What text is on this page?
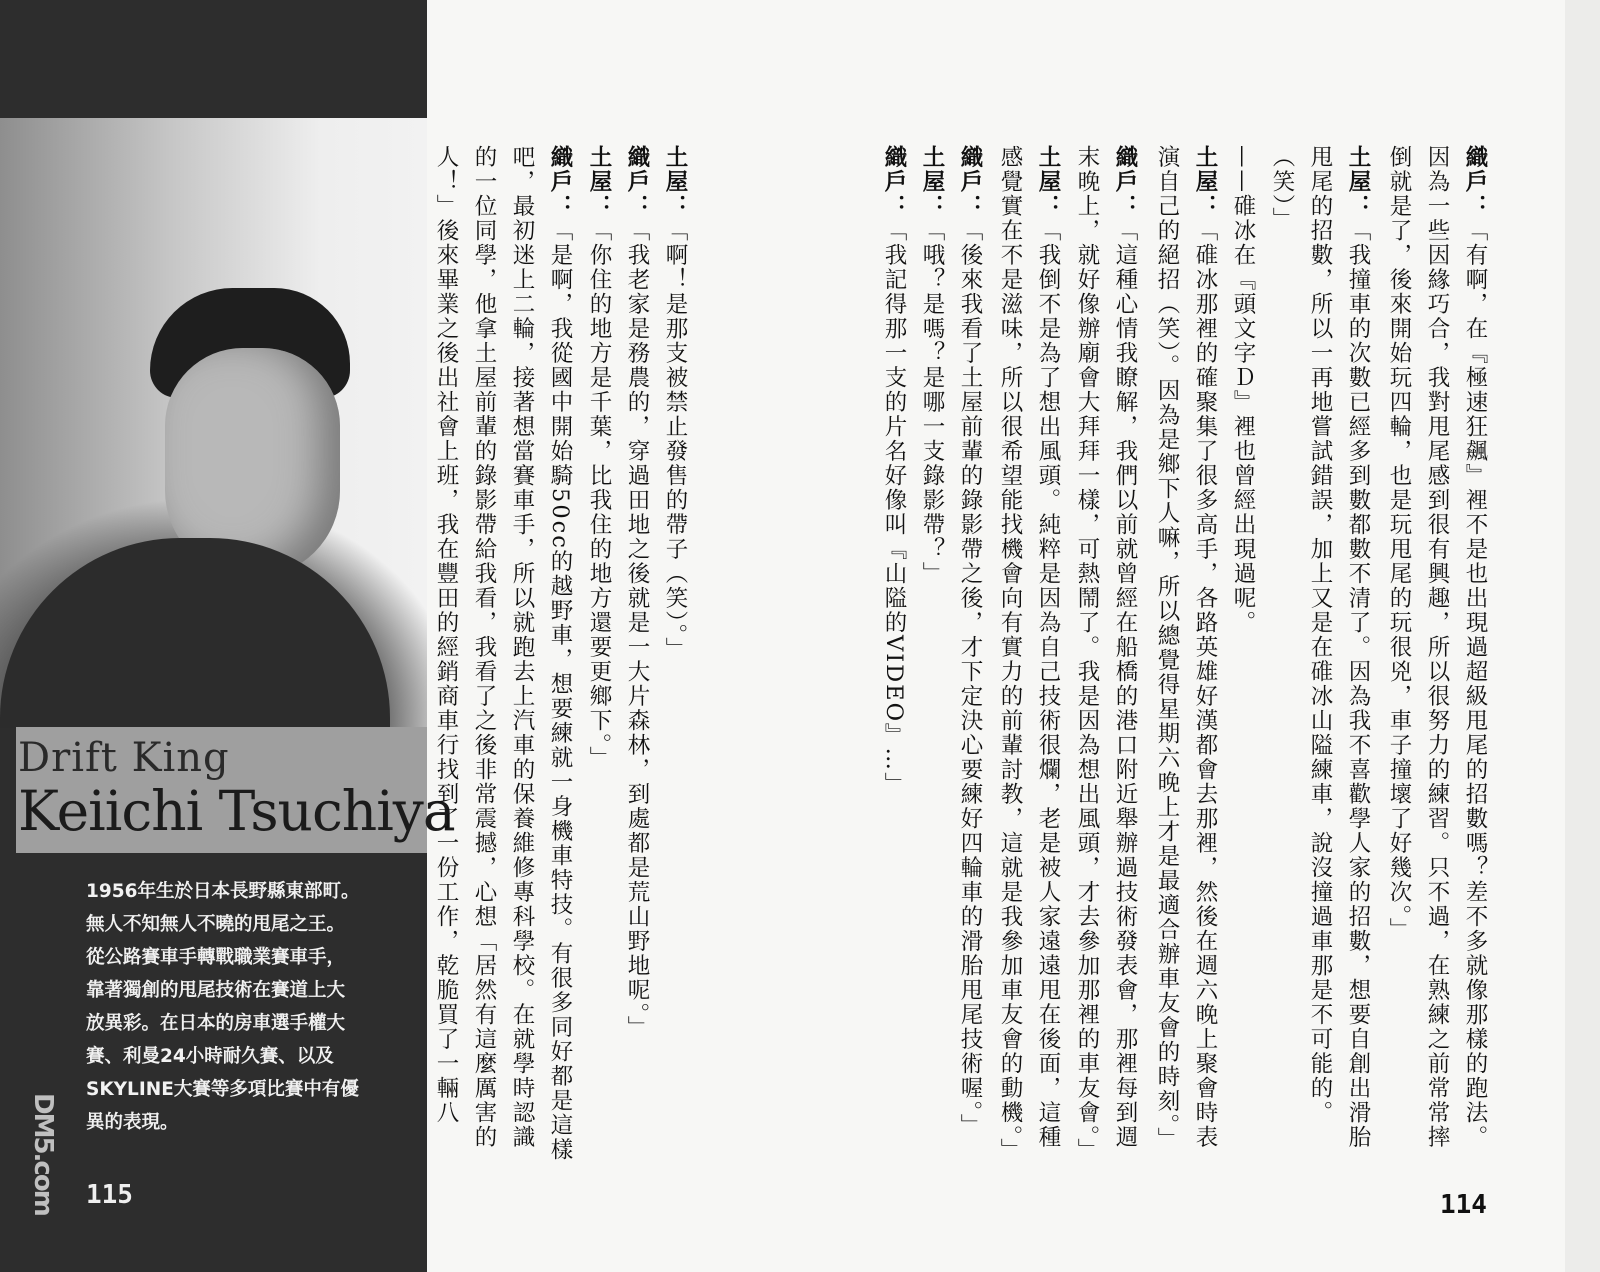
Drift King
Keiichi Tsuchiya
1956年生於日本長野縣東部町。
無人不知無人不曉的甩尾之王。
從公路賽車手轉戰職業賽車手，
靠著獨創的甩尾技術在賽道上大
放異彩。在日本的房車選手權大
賽、利曼24小時耐久賽、以及
SKYLINE大賽等多項比賽中有優
異的表現。
DM5.com 115	114
織戶：「有啊，在『極速狂飆』裡不是也出現過超級甩尾的招數嗎？差不多就像那樣的跑法。
因為一些因緣巧合，我對甩尾感到很有興趣，所以很努力的練習。只不過，在熟練之前常常摔
倒就是了，後來開始玩四輪，也是玩甩尾的玩很兇，車子撞壞了好幾次。」
土屋：「我撞車的次數已經多到數都數不清了。因為我不喜歡學人家的招數，想要自創出滑胎
甩尾的招數，所以一再地嘗試錯誤，加上又是在碓冰山隘練車，說沒撞過車那是不可能的。
（笑）」
——碓冰在『頭文字Ｄ』裡也曾經出現過呢。
土屋：「碓冰那裡的確聚集了很多高手，各路英雄好漢都會去那裡，然後在週六晚上聚會時表
演自己的絕招（笑）。因為是鄉下人嘛，所以總覺得星期六晚上才是最適合辦車友會的時刻。」
織戶：「這種心情我瞭解，我們以前就曾經在船橋的港口附近舉辦過技術發表會，那裡每到週
末晚上，就好像辦廟會大拜拜一樣，可熱鬧了。我是因為想出風頭，才去參加那裡的車友會。」
土屋：「我倒不是為了想出風頭。純粹是因為自己技術很爛，老是被人家遠遠甩在後面，這種
感覺實在不是滋味，所以很希望能找機會向有實力的前輩討教，這就是我參加車友會的動機。」
織戶：「後來我看了土屋前輩的錄影帶之後，才下定決心要練好四輪車的滑胎甩尾技術喔。」
土屋：「哦？是嗎？是哪一支錄影帶？」
織戶：「我記得那一支的片名好像叫『山隘的VIDEO』…」
土屋：「啊！是那支被禁止發售的帶子（笑）。」
織戶：「我老家是務農的，穿過田地之後就是一大片森林，到處都是荒山野地呢。」
土屋：「你住的地方是千葉，比我住的地方還要更鄉下。」
織戶：「是啊，我從國中開始騎50cc的越野車，想要練就一身機車特技。有很多同好都是這樣
吧，最初迷上二輪，接著想當賽車手，所以就跑去上汽車的保養維修專科學校。在就學時認識
的一位同學，他拿土屋前輩的錄影帶給我看，我看了之後非常震撼，心想「居然有這麼厲害的
人！」後來畢業之後出社會上班，我在豐田的經銷商車行找到了一份工作，乾脆買了一輛八
